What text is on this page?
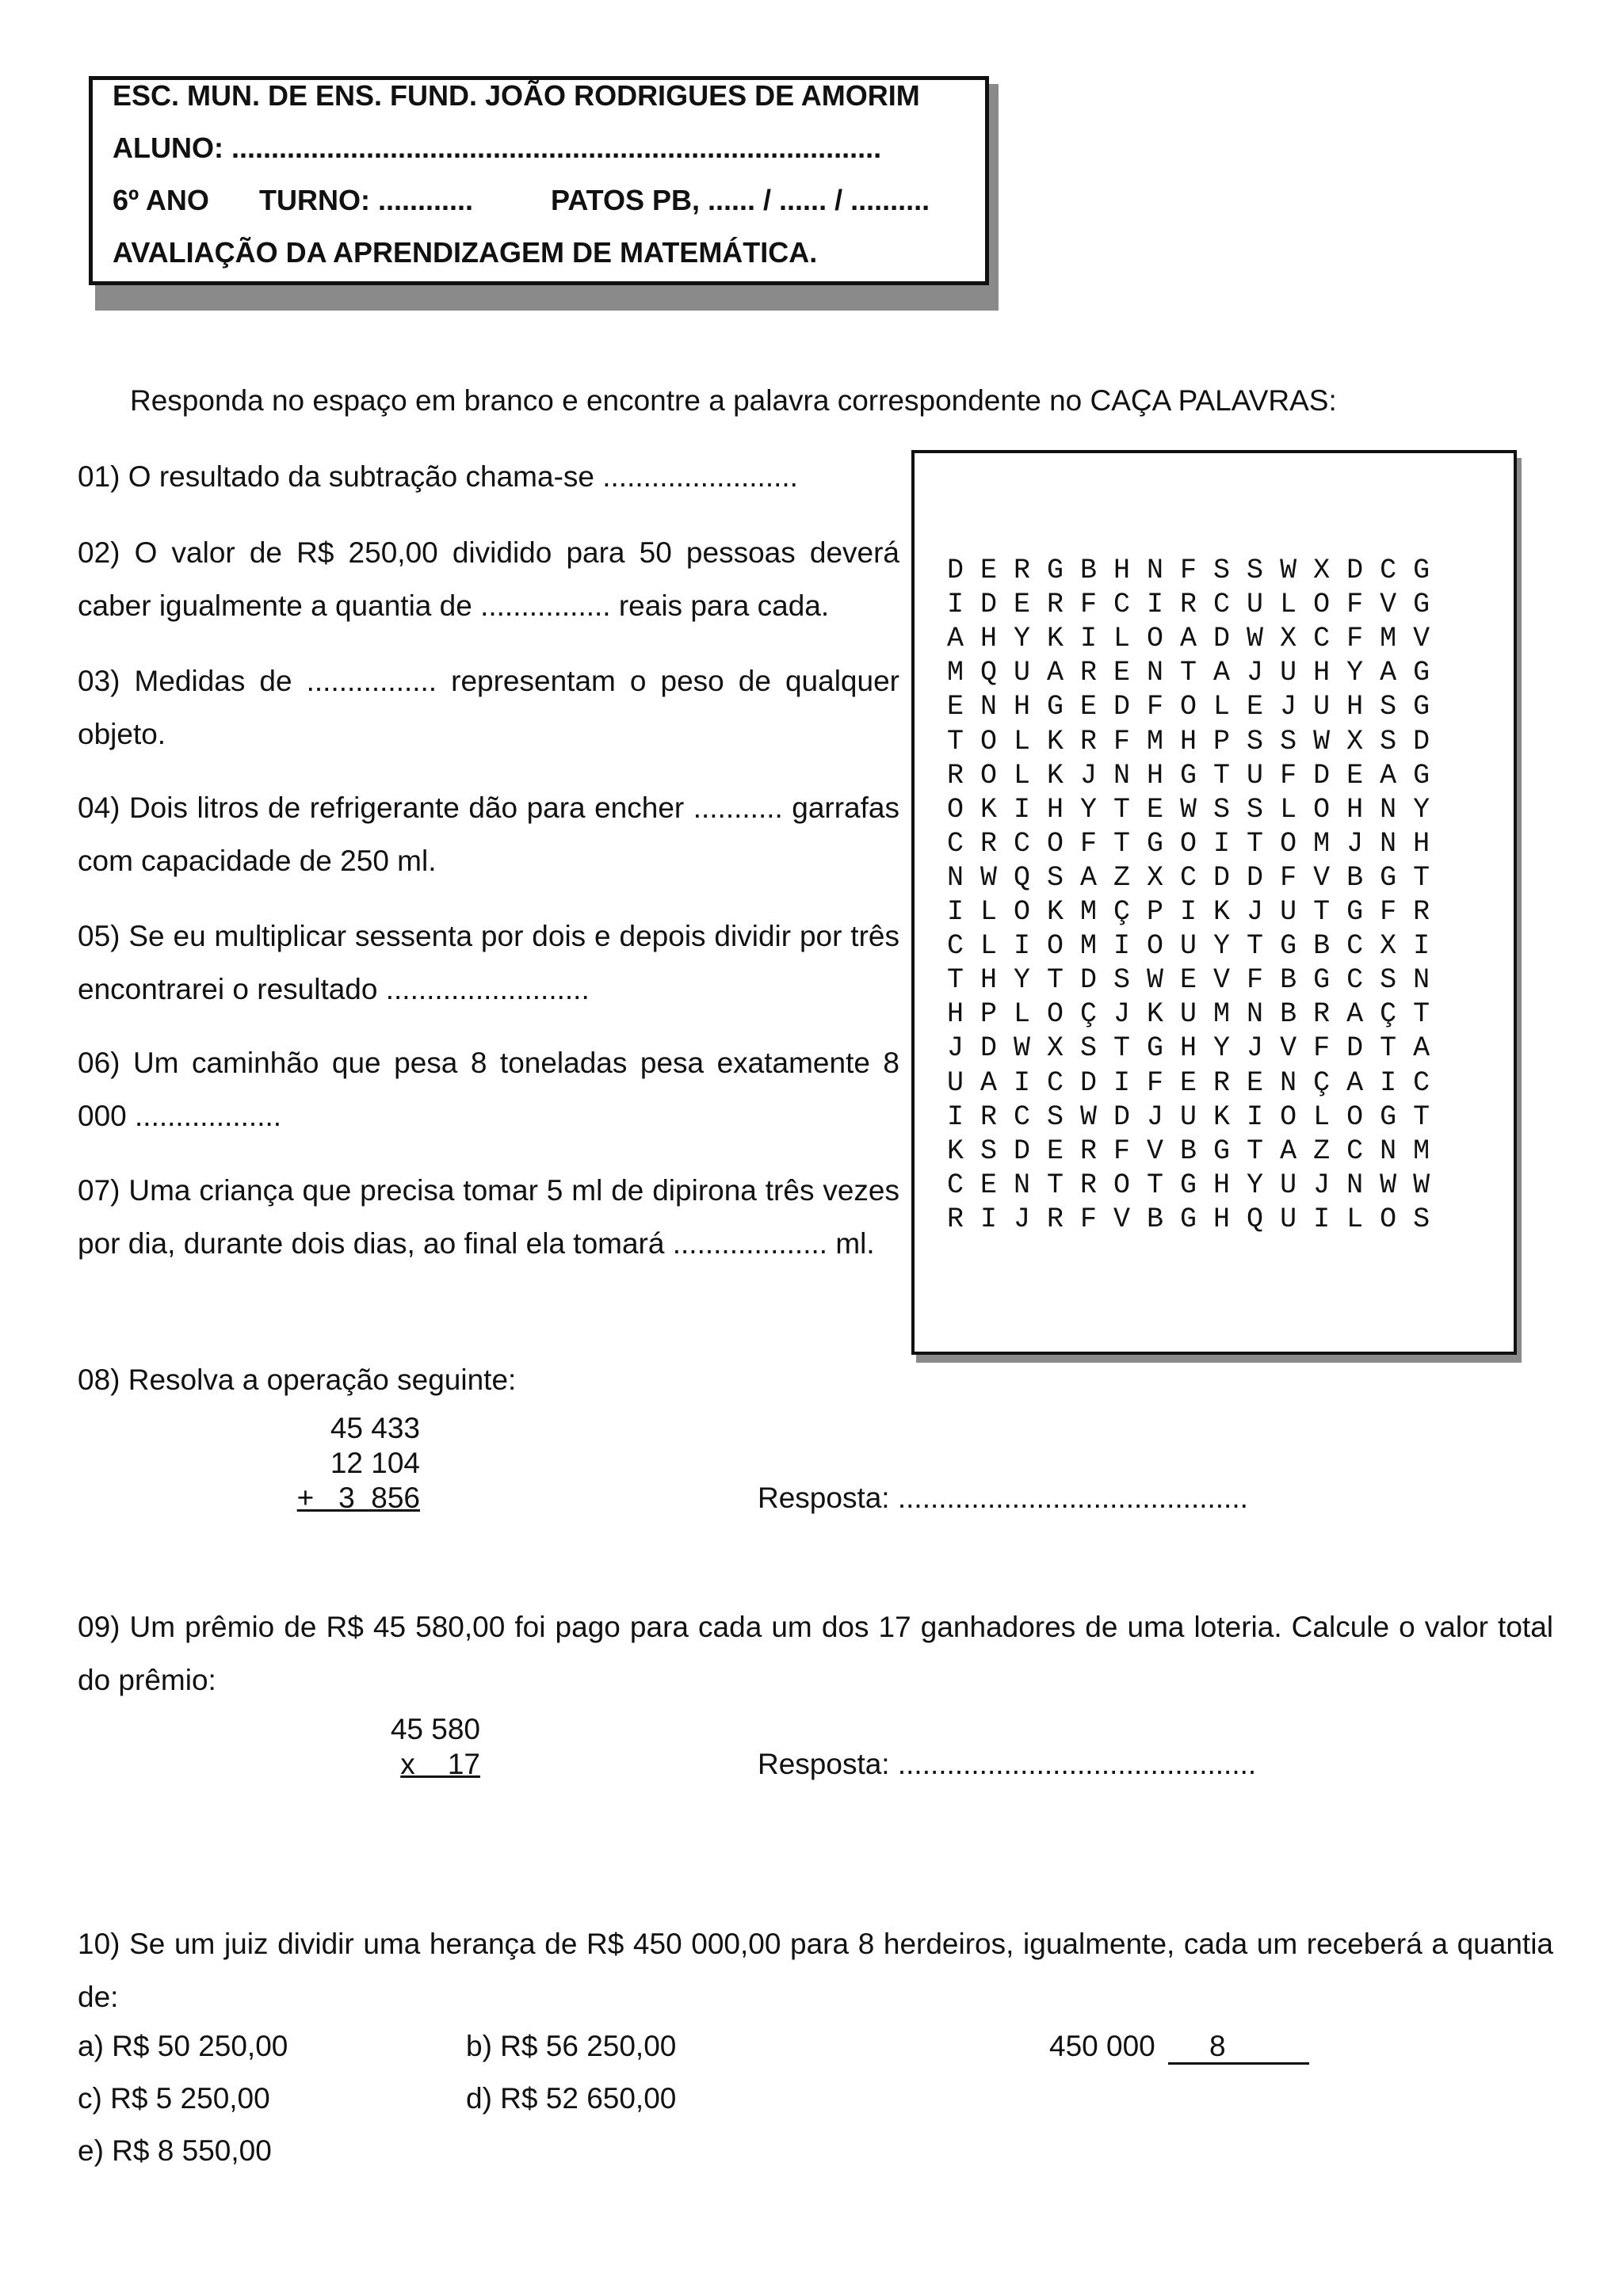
ESC. MUN. DE ENS. FUND. JOÃO RODRIGUES DE AMORIM
ALUNO: ..................................................................................
6º ANO TURNO: ............	PATOS PB, ...... / ...... / ..........
AVALIAÇÃO DA APRENDIZAGEM DE MATEMÁTICA.
Responda no espaço em branco e encontre a palavra correspondente no CAÇA PALAVRAS:
01) O resultado da subtração chama-se ........................
02) O valor de R$ 250,00 dividido para 50 pessoas deverá caber igualmente a quantia de ................ reais para cada.
03) Medidas de ................ representam o peso de qualquer objeto.
04) Dois litros de refrigerante dão para encher ........... garrafas com capacidade de 250 ml.
05) Se eu multiplicar sessenta por dois e depois dividir por três encontrarei o resultado .........................
06) Um caminhão que pesa 8 toneladas pesa exatamente 8 000 ..................
07) Uma criança que precisa tomar 5 ml de dipirona três vezes por dia, durante dois dias, ao final ela tomará ................... ml.
D E R G B H N F S S W X D C G
I D E R F C I R C U L O F V G
A H Y K I L O A D W X C F M V
M Q U A R E N T A J U H Y A G
E N H G E D F O L E J U H S G
T O L K R F M H P S S W X S D
R O L K J N H G T U F D E A G
O K I H Y T E W S S L O H N Y
C R C O F T G O I T O M J N H
N W Q S A Z X C D D F V B G T
I L O K M Ç P I K J U T G F R
C L I O M I O U Y T G B C X I
T H Y T D S W E V F B G C S N
H P L O Ç J K U M N B R A Ç T
J D W X S T G H Y J V F D T A
U A I C D I F E R E N Ç A I C
I R C S W D J U K I O L O G T
K S D E R F V B G T A Z C N M
C E N T R O T G H Y U J N W W
R I J R F V B G H Q U I L O S
08) Resolva a operação seguinte:
45 433
12 104
+   3  856	Resposta: ...........................................
09) Um prêmio de R$ 45 580,00 foi pago para cada um dos 17 ganhadores de uma loteria. Calcule o valor total do prêmio:
45 580
x    17	Resposta: ............................................
10) Se um juiz dividir uma herança de R$ 450 000,00 para 8 herdeiros, igualmente, cada um receberá a quantia de:
a) R$ 50 250,00	b) R$ 56 250,00
c) R$ 5 250,00	d) R$ 52 650,00
e) R$ 8 550,00
450 000	8
